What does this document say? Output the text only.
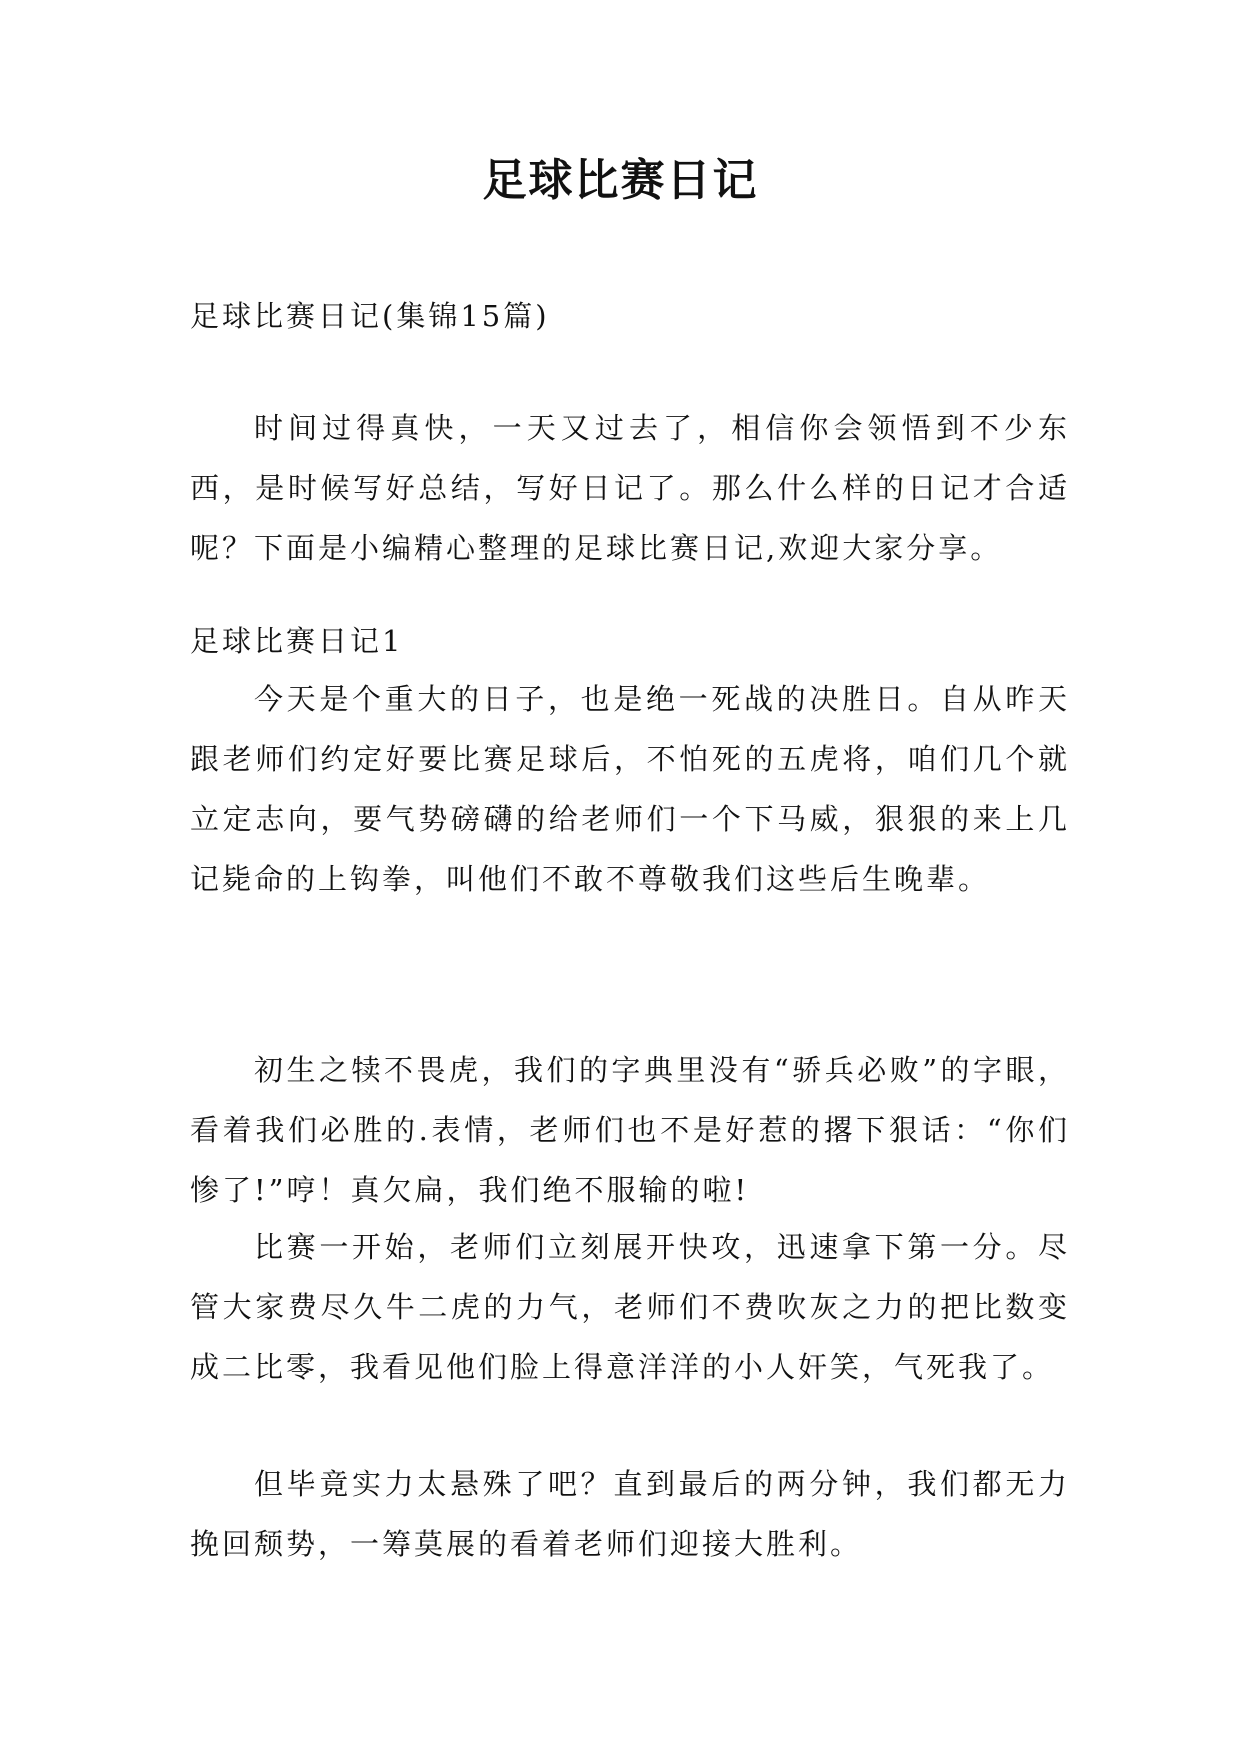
足球比赛日记

足球比赛日记(集锦15篇)

时间过得真快，一天又过去了，相信你会领悟到不少东西，是时候写好总结，写好日记了。那么什么样的日记才合适呢？下面是小编精心整理的足球比赛日记,欢迎大家分享。

足球比赛日记1

今天是个重大的日子，也是绝一死战的决胜日。自从昨天跟老师们约定好要比赛足球后，不怕死的五虎将，咱们几个就立定志向，要气势磅礴的给老师们一个下马威，狠狠的来上几记毙命的上钩拳，叫他们不敢不尊敬我们这些后生晚辈。

初生之犊不畏虎，我们的字典里没有“骄兵必败”的字眼，看着我们必胜的.表情，老师们也不是好惹的撂下狠话：“你们惨了!”哼！真欠扁，我们绝不服输的啦!

比赛一开始，老师们立刻展开快攻，迅速拿下第一分。尽管大家费尽久牛二虎的力气，老师们不费吹灰之力的把比数变成二比零，我看见他们脸上得意洋洋的小人奸笑，气死我了。

但毕竟实力太悬殊了吧？直到最后的两分钟，我们都无力挽回颓势，一筹莫展的看着老师们迎接大胜利。
